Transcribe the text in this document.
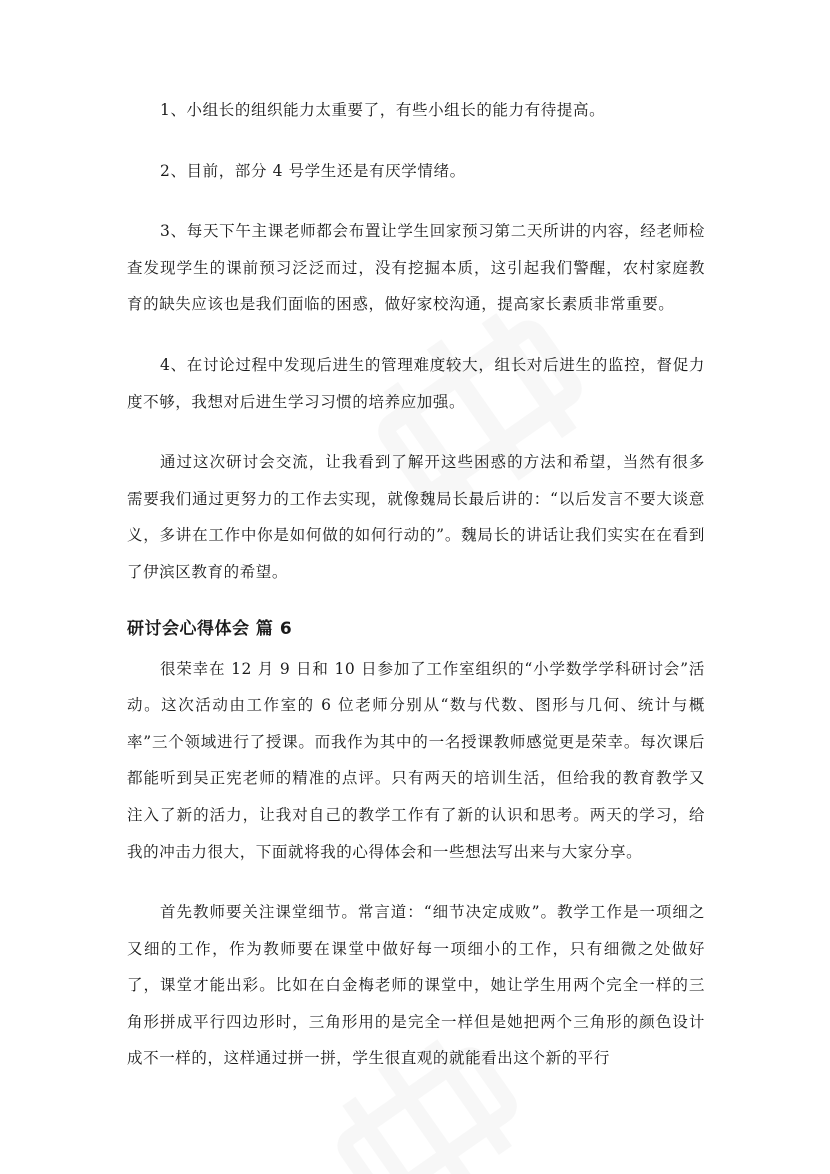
1、小组长的组织能力太重要了，有些小组长的能力有待提高。

2、目前，部分 4 号学生还是有厌学情绪。

3、每天下午主课老师都会布置让学生回家预习第二天所讲的内容，经老师检查发现学生的课前预习泛泛而过，没有挖掘本质，这引起我们警醒，农村家庭教育的缺失应该也是我们面临的困惑，做好家校沟通，提高家长素质非常重要。

4、在讨论过程中发现后进生的管理难度较大，组长对后进生的监控，督促力度不够，我想对后进生学习习惯的培养应加强。

通过这次研讨会交流，让我看到了解开这些困惑的方法和希望，当然有很多需要我们通过更努力的工作去实现，就像魏局长最后讲的：“以后发言不要大谈意义，多讲在工作中你是如何做的如何行动的”。魏局长的讲话让我们实实在在看到了伊滨区教育的希望。

研讨会心得体会 篇 6

很荣幸在 12 月 9 日和 10 日参加了工作室组织的“小学数学学科研讨会”活动。这次活动由工作室的 6 位老师分别从“数与代数、图形与几何、统计与概率”三个领域进行了授课。而我作为其中的一名授课教师感觉更是荣幸。每次课后都能听到吴正宪老师的精准的点评。只有两天的培训生活，但给我的教育教学又注入了新的活力，让我对自己的教学工作有了新的认识和思考。两天的学习，给我的冲击力很大，下面就将我的心得体会和一些想法写出来与大家分享。

首先教师要关注课堂细节。常言道：“细节决定成败”。教学工作是一项细之又细的工作，作为教师要在课堂中做好每一项细小的工作，只有细微之处做好了，课堂才能出彩。比如在白金梅老师的课堂中，她让学生用两个完全一样的三角形拼成平行四边形时，三角形用的是完全一样但是她把两个三角形的颜色设计成不一样的，这样通过拼一拼，学生很直观的就能看出这个新的平行
